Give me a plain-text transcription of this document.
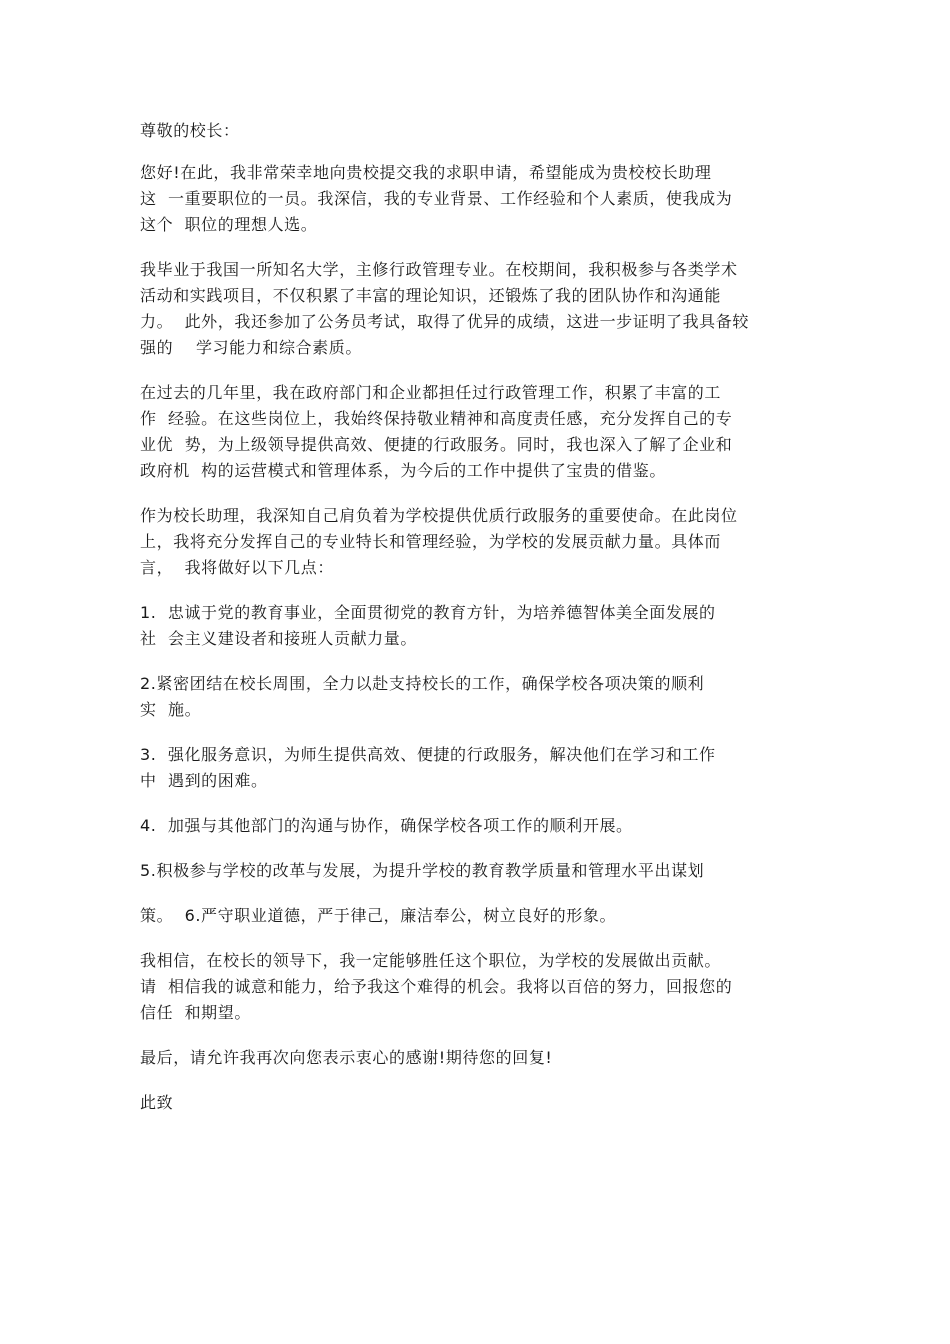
尊敬的校长：

您好!在此，我非常荣幸地向贵校提交我的求职申请，希望能成为贵校校长助理
这  一重要职位的一员。我深信，我的专业背景、工作经验和个人素质，使我成为
这个  职位的理想人选。

我毕业于我国一所知名大学，主修行政管理专业。在校期间，我积极参与各类学术
活动和实践项目，不仅积累了丰富的理论知识，还锻炼了我的团队协作和沟通能
力。  此外，我还参加了公务员考试，取得了优异的成绩，这进一步证明了我具备较
强的    学习能力和综合素质。

在过去的几年里，我在政府部门和企业都担任过行政管理工作，积累了丰富的工
作  经验。在这些岗位上，我始终保持敬业精神和高度责任感，充分发挥自己的专
业优  势，为上级领导提供高效、便捷的行政服务。同时，我也深入了解了企业和
政府机  构的运营模式和管理体系，为今后的工作中提供了宝贵的借鉴。

作为校长助理，我深知自己肩负着为学校提供优质行政服务的重要使命。在此岗位
上，我将充分发挥自己的专业特长和管理经验，为学校的发展贡献力量。具体而
言，  我将做好以下几点：

1.  忠诚于党的教育事业，全面贯彻党的教育方针，为培养德智体美全面发展的
社  会主义建设者和接班人贡献力量。

2.紧密团结在校长周围，全力以赴支持校长的工作，确保学校各项决策的顺利
实  施。

3.  强化服务意识，为师生提供高效、便捷的行政服务，解决他们在学习和工作
中  遇到的困难。

4.  加强与其他部门的沟通与协作，确保学校各项工作的顺利开展。

5.积极参与学校的改革与发展，为提升学校的教育教学质量和管理水平出谋划

策。  6.严守职业道德，严于律己，廉洁奉公，树立良好的形象。

我相信，在校长的领导下，我一定能够胜任这个职位，为学校的发展做出贡献。
请  相信我的诚意和能力，给予我这个难得的机会。我将以百倍的努力，回报您的
信任  和期望。

最后，请允许我再次向您表示衷心的感谢!期待您的回复!

此致
